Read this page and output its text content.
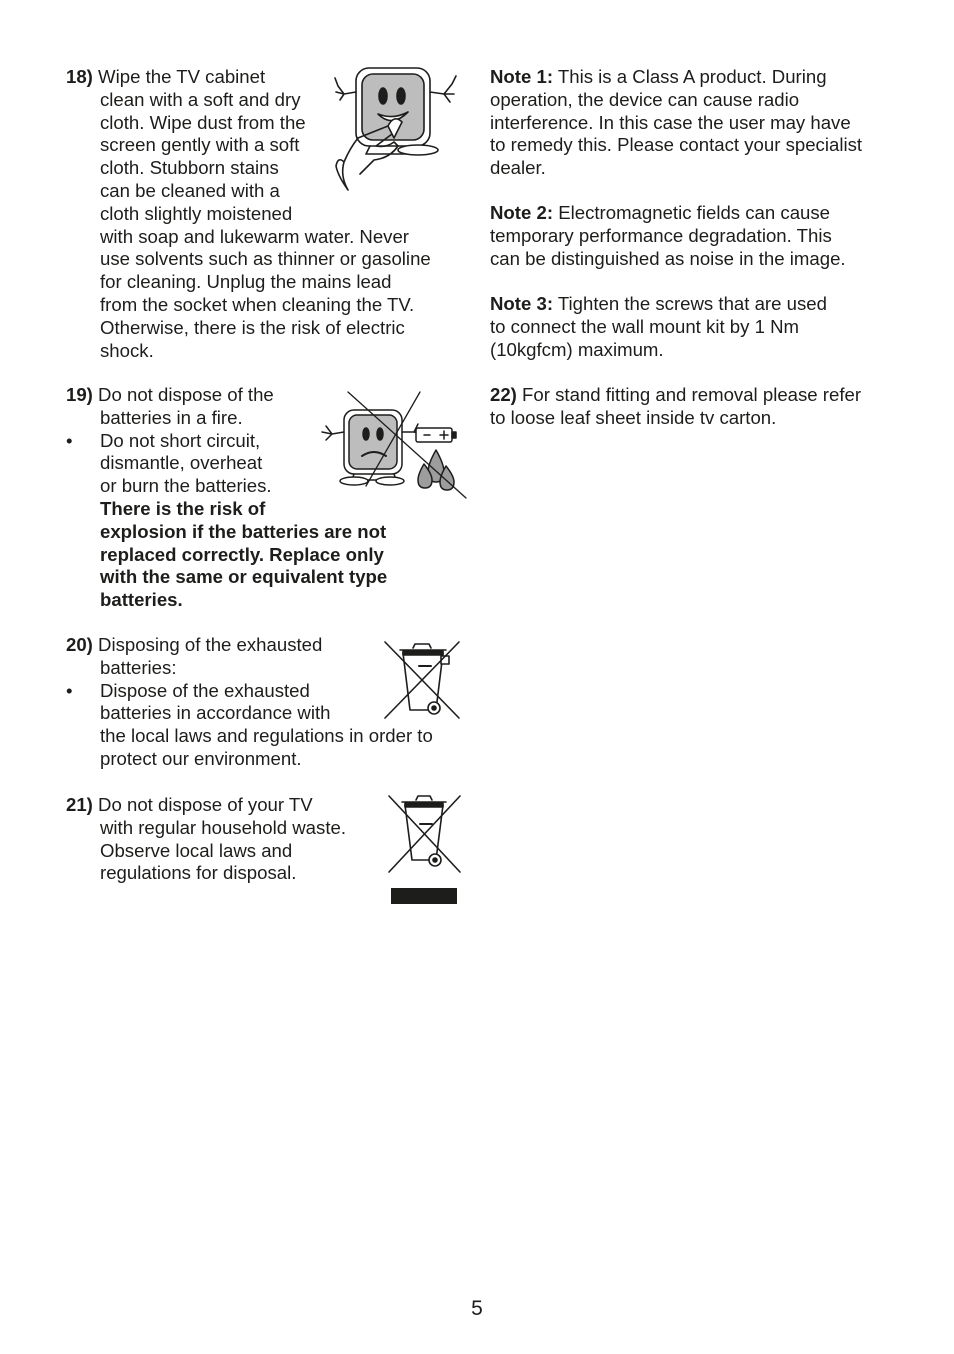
18) Wipe the TV cabinet
clean with a soft and dry
cloth. Wipe dust from the
screen gently with a soft
cloth. Stubborn stains
can be cleaned with a
cloth slightly moistened
with soap and lukewarm water. Never
use solvents such as thinner or gasoline
for cleaning. Unplug the mains lead
from the socket when cleaning the TV.
Otherwise, there is the risk of electric
shock.

19) Do not dispose of the
batteries in a fire.

•	Do not short circuit,
dismantle, overheat
or burn the batteries.
There is the risk of
explosion if the batteries are not
replaced correctly. Replace only
with the same or equivalent type
batteries.

20) Disposing of the exhausted
batteries:

•	Dispose of the exhausted
batteries in accordance with
the local laws and regulations in order to
protect our environment.

21) Do not dispose of your TV
with regular household waste.
Observe local laws and
regulations for disposal.

Note 1: This is a Class A product. During
operation, the device can cause radio
interference. In this case the user may have
to remedy this. Please contact your specialist
dealer.

Note 2: Electromagnetic fields can cause
temporary performance degradation. This
can be distinguished as noise in the image.

Note 3: Tighten the screws that are used
to connect the wall mount kit by 1 Nm
(10kgfcm) maximum.

22) For stand fitting and removal please refer
to loose leaf sheet inside tv carton.

5
